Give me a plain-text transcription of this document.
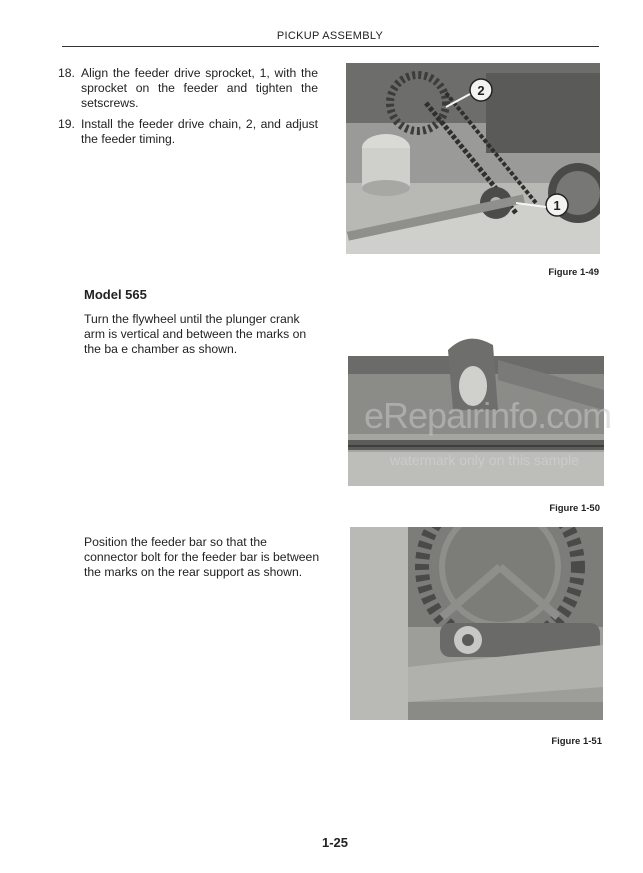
PICKUP ASSEMBLY
18. Align the feeder drive sprocket, 1, with the sprocket on the feeder and tighten the setscrews.
19. Install the feeder drive chain, 2, and adjust the feeder timing.
2
1
Figure 1-49
Model 565
Turn the flywheel until the plunger crank arm is vertical and between the marks on the ba e chamber as shown.
Figure 1-50
eRepairinfo.com
watermark only on this sample
Position the feeder bar so that the connector bolt for the feeder bar is between the marks on the rear support as shown.
Figure 1-51
1-25
